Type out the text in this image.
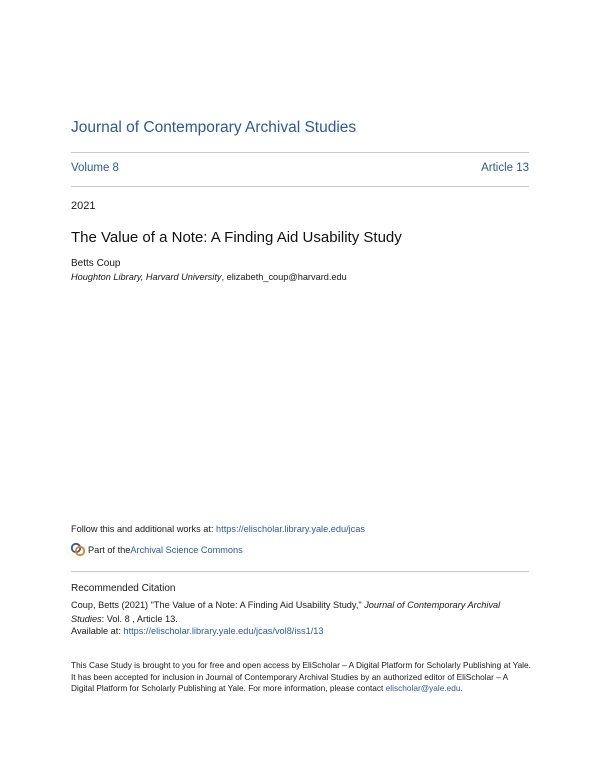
Journal of Contemporary Archival Studies
Volume 8	Article 13
2021
The Value of a Note: A Finding Aid Usability Study
Betts Coup
Houghton Library, Harvard University, elizabeth_coup@harvard.edu
Follow this and additional works at: https://elischolar.library.yale.edu/jcas
Part of the Archival Science Commons
Recommended Citation
Coup, Betts (2021) "The Value of a Note: A Finding Aid Usability Study," Journal of Contemporary Archival Studies: Vol. 8 , Article 13.
Available at: https://elischolar.library.yale.edu/jcas/vol8/iss1/13
This Case Study is brought to you for free and open access by EliScholar – A Digital Platform for Scholarly Publishing at Yale. It has been accepted for inclusion in Journal of Contemporary Archival Studies by an authorized editor of EliScholar – A Digital Platform for Scholarly Publishing at Yale. For more information, please contact elischolar@yale.edu.
